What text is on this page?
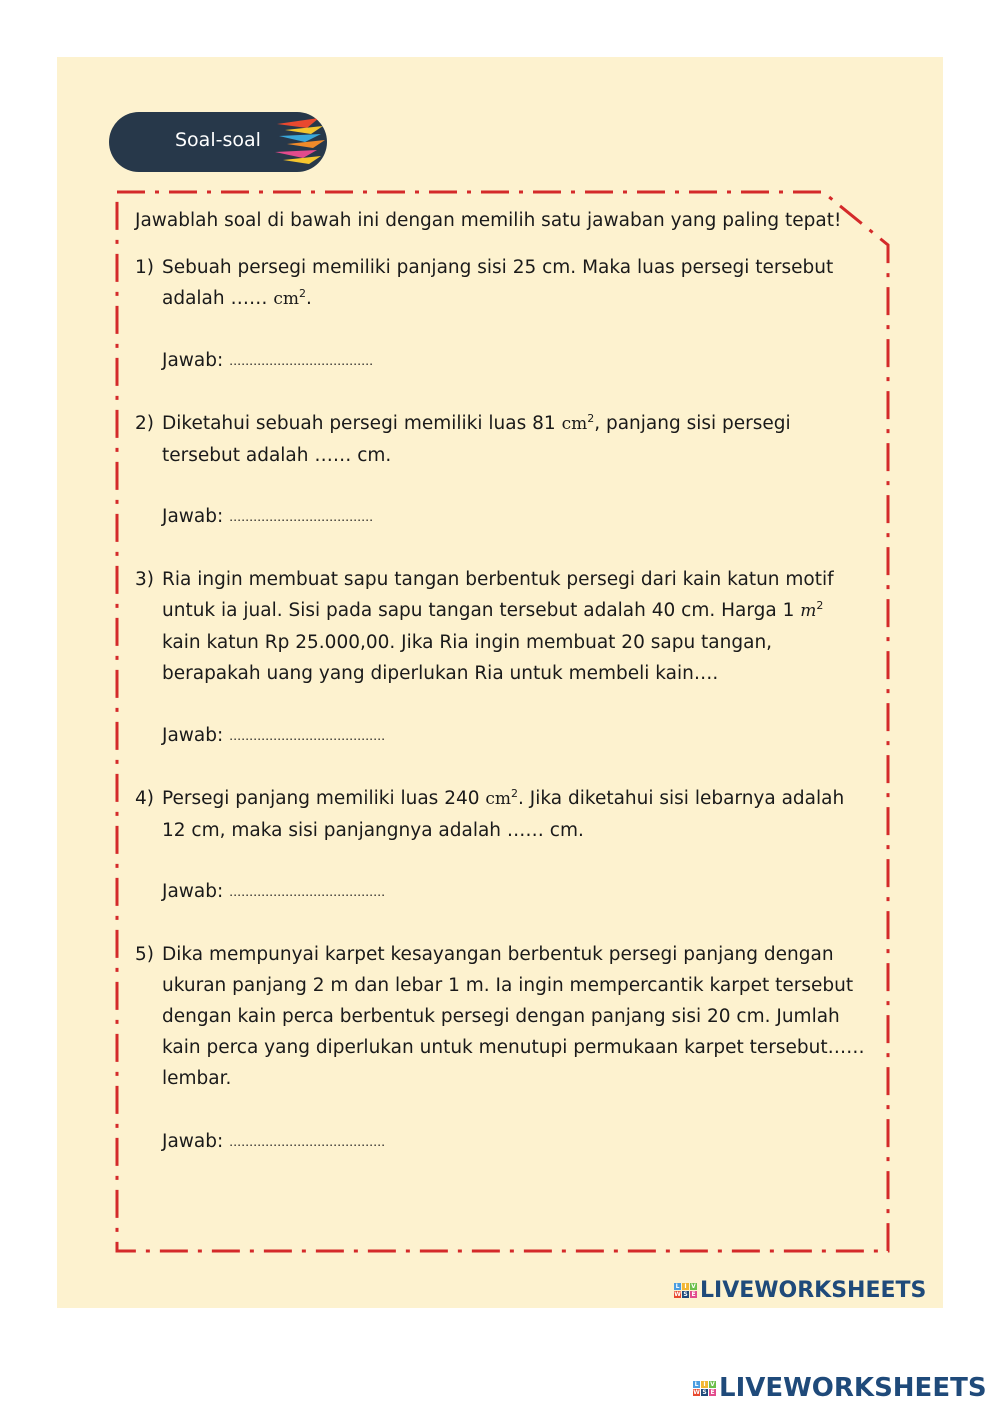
Soal-soal
Jawablah soal di bawah ini dengan memilih satu jawaban yang paling tepat!
1) Sebuah persegi memiliki panjang sisi 25 cm. Maka luas persegi tersebut
adalah …… $cm^2$.
Jawab: ………………………………
2) Diketahui sebuah persegi memiliki luas 81 $cm^2$, panjang sisi persegi
tersebut adalah …… cm.
Jawab: ………………………………
3) Ria ingin membuat sapu tangan berbentuk persegi dari kain katun motif
untuk ia jual. Sisi pada sapu tangan tersebut adalah 40 cm. Harga 1 $m^2$
kain katun Rp 25.000,00. Jika Ria ingin membuat 20 sapu tangan,
berapakah uang yang diperlukan Ria untuk membeli kain….
Jawab: …………………………………
4) Persegi panjang memiliki luas 240 $cm^2$. Jika diketahui sisi lebarnya adalah
12 cm, maka sisi panjangnya adalah …… cm.
Jawab: …………………………………
5) Dika mempunyai karpet kesayangan berbentuk persegi panjang dengan
ukuran panjang 2 m dan lebar 1 m. Ia ingin mempercantik karpet tersebut
dengan kain perca berbentuk persegi dengan panjang sisi 20 cm. Jumlah
kain perca yang diperlukan untuk menutupi permukaan karpet tersebut……
lembar.
Jawab: …………………………………
L I V
W S E LIVEWORKSHEETS
L I V
W S E LIVEWORKSHEETS
